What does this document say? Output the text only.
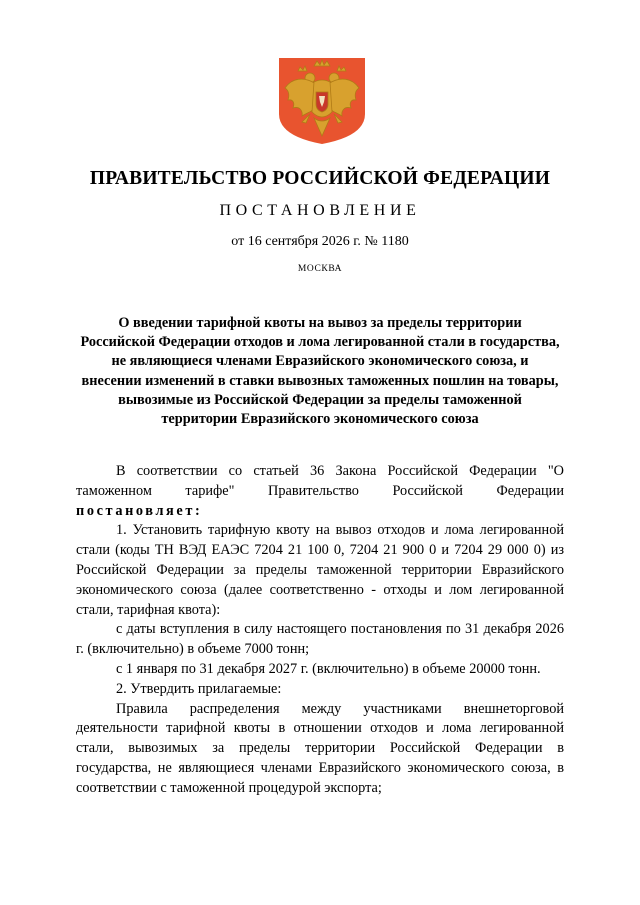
ПРАВИТЕЛЬСТВО РОССИЙСКОЙ ФЕДЕРАЦИИ
ПОСТАНОВЛЕНИЕ
от 16 сентября 2026 г. № 1180
МОСКВА
О введении тарифной квоты на вывоз за пределы территории Российской Федерации отходов и лома легированной стали в государства, не являющиеся членами Евразийского экономического союза, и внесении изменений в ставки вывозных таможенных пошлин на товары, вывозимые из Российской Федерации за пределы таможенной территории Евразийского экономического союза

В соответствии со статьей 36 Закона Российской Федерации "О таможенном тарифе" Правительство Российской Федерации постановляет:

1. Установить тарифную квоту на вывоз отходов и лома легированной стали (коды ТН ВЭД ЕАЭС 7204 21 100 0, 7204 21 900 0 и 7204 29 000 0) из Российской Федерации за пределы таможенной территории Евразийского экономического союза (далее соответственно - отходы и лом легированной стали, тарифная квота):

с даты вступления в силу настоящего постановления по 31 декабря 2026 г. (включительно) в объеме 7000 тонн;

с 1 января по 31 декабря 2027 г. (включительно) в объеме 20000 тонн.

2. Утвердить прилагаемые:

Правила распределения между участниками внешнеторговой деятельности тарифной квоты в отношении отходов и лома легированной стали, вывозимых за пределы территории Российской Федерации в государства, не являющиеся членами Евразийского экономического союза, в соответствии с таможенной процедурой экспорта;
